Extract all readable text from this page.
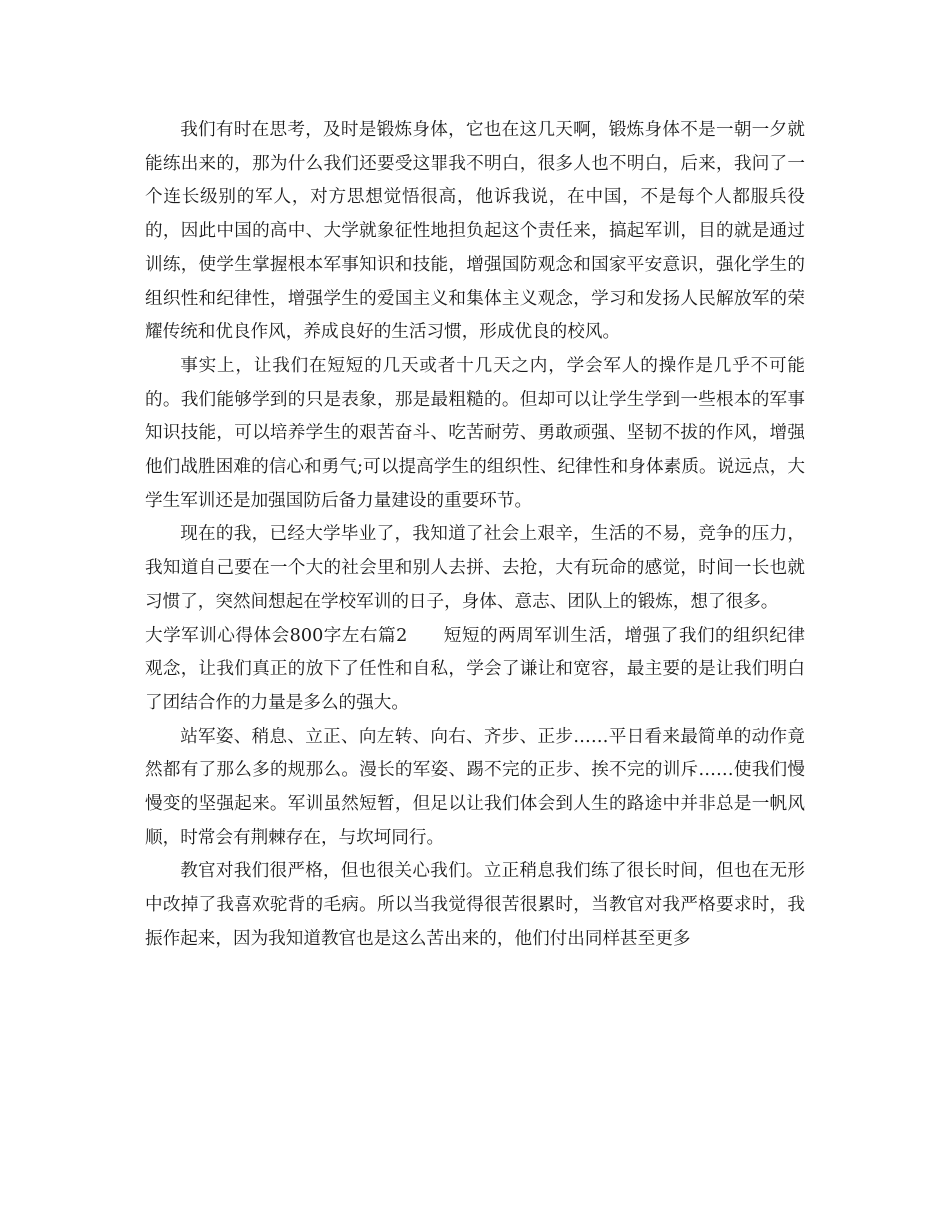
我们有时在思考，及时是锻炼身体，它也在这几天啊，锻炼身体不是一朝一夕就能练出来的，那为什么我们还要受这罪我不明白，很多人也不明白，后来，我问了一个连长级别的军人，对方思想觉悟很高，他诉我说，在中国，不是每个人都服兵役的，因此中国的高中、大学就象征性地担负起这个责任来，搞起军训，目的就是通过训练，使学生掌握根本军事知识和技能，增强国防观念和国家平安意识，强化学生的组织性和纪律性，增强学生的爱国主义和集体主义观念，学习和发扬人民解放军的荣耀传统和优良作风，养成良好的生活习惯，形成优良的校风。

事实上，让我们在短短的几天或者十几天之内，学会军人的操作是几乎不可能的。我们能够学到的只是表象，那是最粗糙的。但却可以让学生学到一些根本的军事知识技能，可以培养学生的艰苦奋斗、吃苦耐劳、勇敢顽强、坚韧不拔的作风，增强他们战胜困难的信心和勇气;可以提高学生的组织性、纪律性和身体素质。说远点，大学生军训还是加强国防后备力量建设的重要环节。

现在的我，已经大学毕业了，我知道了社会上艰辛，生活的不易，竞争的压力，我知道自己要在一个大的社会里和别人去拼、去抢，大有玩命的感觉，时间一长也就习惯了，突然间想起在学校军训的日子，身体、意志、团队上的锻炼，想了很多。

大学军训心得体会800字左右篇2 短短的两周军训生活，增强了我们的组织纪律观念，让我们真正的放下了任性和自私，学会了谦让和宽容，最主要的是让我们明白了团结合作的力量是多么的强大。

站军姿、稍息、立正、向左转、向右、齐步、正步……平日看来最简单的动作竟然都有了那么多的规那么。漫长的军姿、踢不完的正步、挨不完的训斥……使我们慢慢变的坚强起来。军训虽然短暂，但足以让我们体会到人生的路途中并非总是一帆风顺，时常会有荆棘存在，与坎坷同行。

教官对我们很严格，但也很关心我们。立正稍息我们练了很长时间，但也在无形中改掉了我喜欢驼背的毛病。所以当我觉得很苦很累时，当教官对我严格要求时，我振作起来，因为我知道教官也是这么苦出来的，他们付出同样甚至更多
